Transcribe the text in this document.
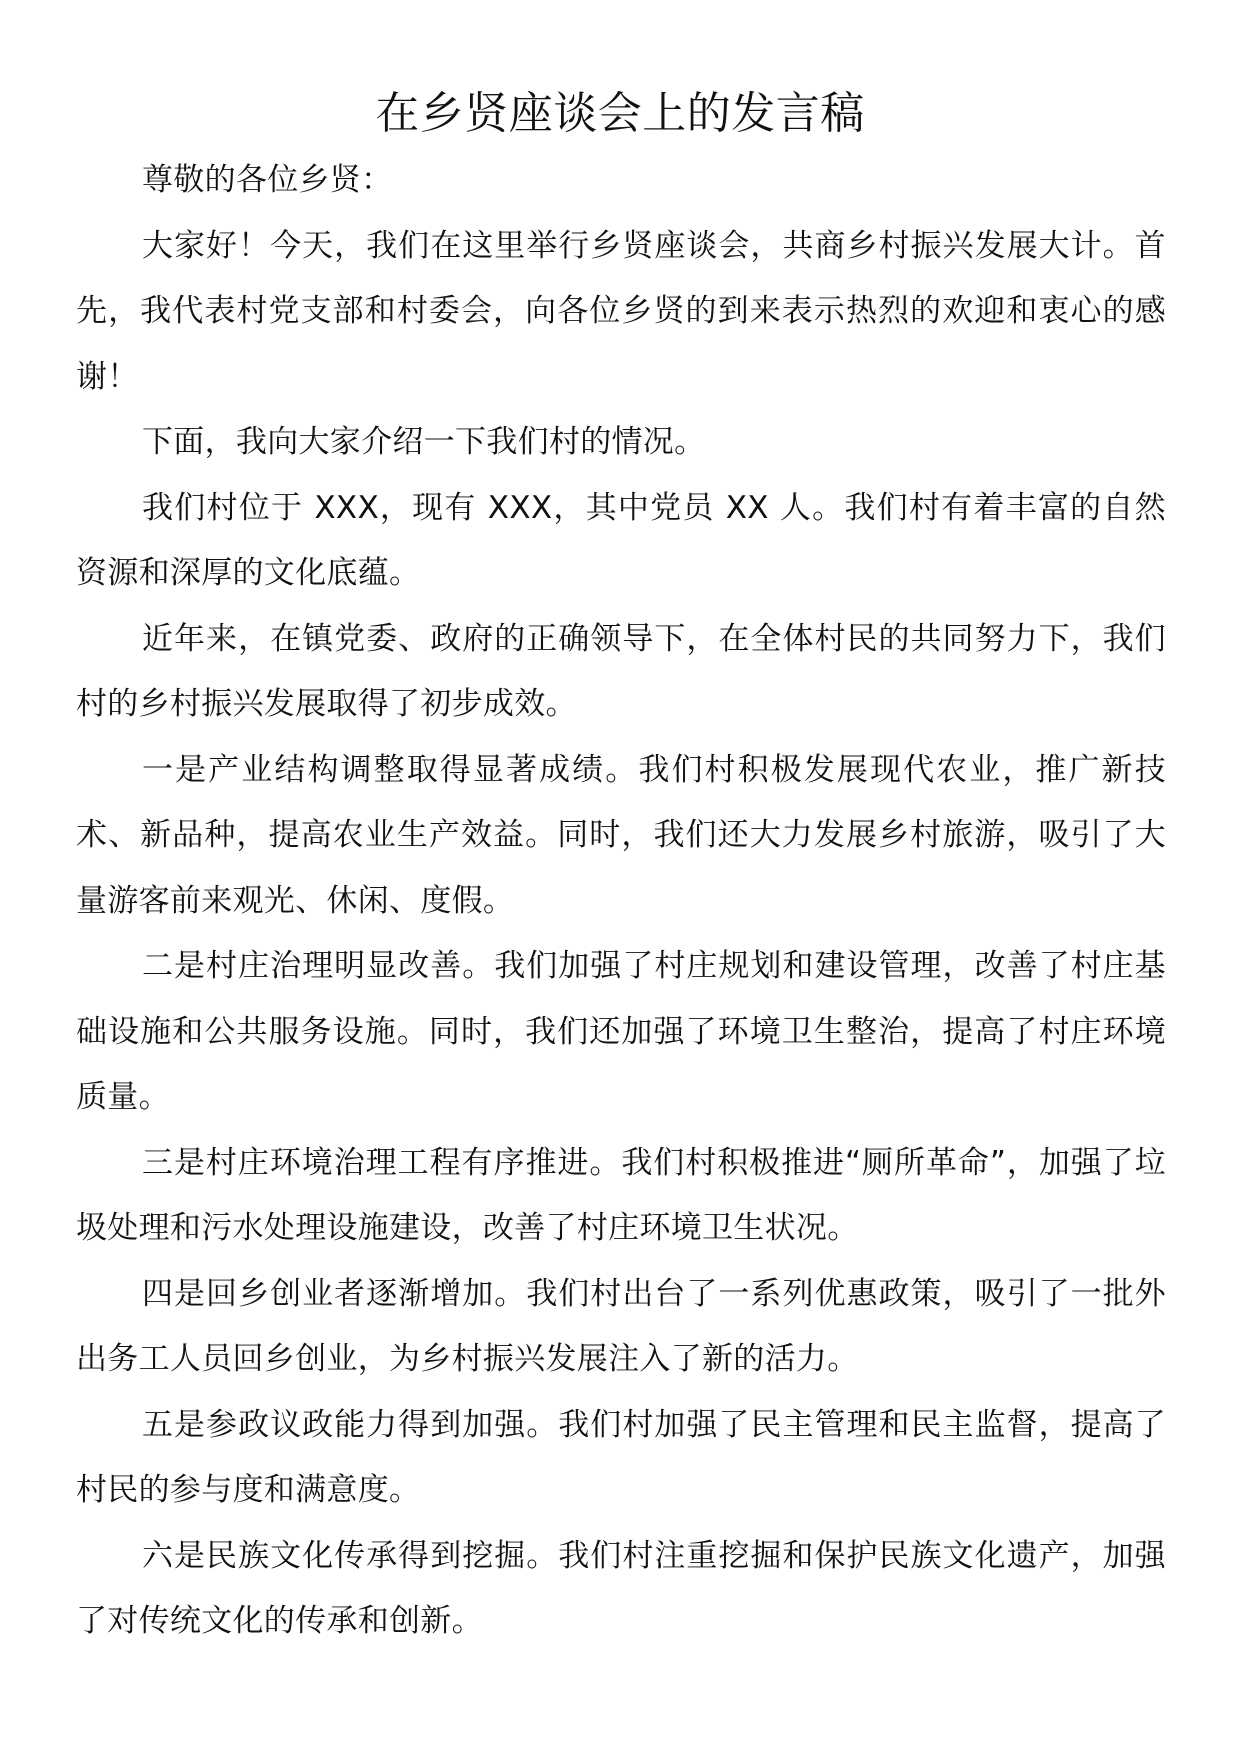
在乡贤座谈会上的发言稿

尊敬的各位乡贤：

大家好！今天，我们在这里举行乡贤座谈会，共商乡村振兴发展大计。首先，我代表村党支部和村委会，向各位乡贤的到来表示热烈的欢迎和衷心的感谢！

下面，我向大家介绍一下我们村的情况。

我们村位于 XXX，现有 XXX，其中党员 XX 人。我们村有着丰富的自然资源和深厚的文化底蕴。

近年来，在镇党委、政府的正确领导下，在全体村民的共同努力下，我们村的乡村振兴发展取得了初步成效。

一是产业结构调整取得显著成绩。我们村积极发展现代农业，推广新技术、新品种，提高农业生产效益。同时，我们还大力发展乡村旅游，吸引了大量游客前来观光、休闲、度假。

二是村庄治理明显改善。我们加强了村庄规划和建设管理，改善了村庄基础设施和公共服务设施。同时，我们还加强了环境卫生整治，提高了村庄环境质量。

三是村庄环境治理工程有序推进。我们村积极推进“厕所革命”，加强了垃圾处理和污水处理设施建设，改善了村庄环境卫生状况。

四是回乡创业者逐渐增加。我们村出台了一系列优惠政策，吸引了一批外出务工人员回乡创业，为乡村振兴发展注入了新的活力。

五是参政议政能力得到加强。我们村加强了民主管理和民主监督，提高了村民的参与度和满意度。

六是民族文化传承得到挖掘。我们村注重挖掘和保护民族文化遗产，加强了对传统文化的传承和创新。
